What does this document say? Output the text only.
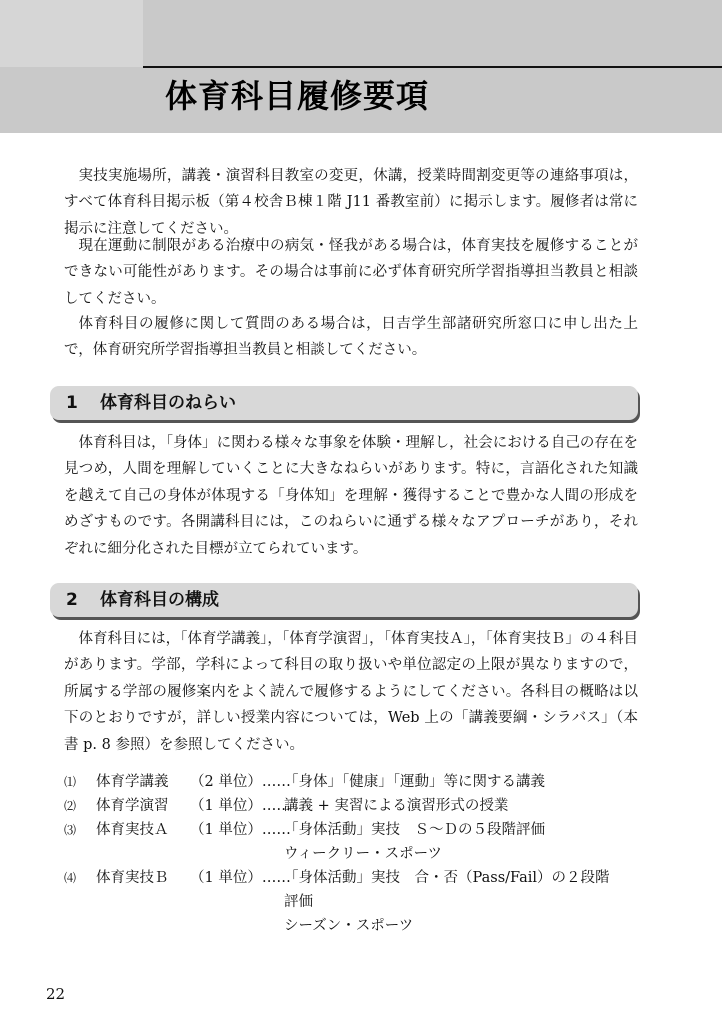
体育科目履修要項

実技実施場所，講義・演習科目教室の変更，休講，授業時間割変更等の連絡事項は，すべて体育科目掲示板（第４校舎Ｂ棟１階 J11 番教室前）に掲示します。履修者は常に掲示に注意してください。

現在運動に制限がある治療中の病気・怪我がある場合は，体育実技を履修することができない可能性があります。その場合は事前に必ず体育研究所学習指導担当教員と相談してください。

体育科目の履修に関して質問のある場合は，日吉学生部諸研究所窓口に申し出た上で，体育研究所学習指導担当教員と相談してください。

1 体育科目のねらい

体育科目は，「身体」に関わる様々な事象を体験・理解し，社会における自己の存在を見つめ，人間を理解していくことに大きなねらいがあります。特に，言語化された知識を越えて自己の身体が体現する「身体知」を理解・獲得することで豊かな人間の形成をめざすものです。各開講科目には，このねらいに通ずる様々なアプローチがあり，それぞれに細分化された目標が立てられています。

2 体育科目の構成

体育科目には，「体育学講義」，「体育学演習」，「体育実技Ａ」，「体育実技Ｂ」の４科目があります。学部，学科によって科目の取り扱いや単位認定の上限が異なりますので，所属する学部の履修案内をよく読んで履修するようにしてください。各科目の概略は以下のとおりですが，詳しい授業内容については，Web 上の「講義要綱・シラバス」（本書 p. 8 参照）を参照してください。

⑴ 体育学講義 （2 単位）……
「身体」「健康」「運動」等に関する講義
⑵ 体育学演習 （1 単位）……
講義 + 実習による演習形式の授業
⑶ 体育実技Ａ （1 単位）……
「身体活動」実技　Ｓ～Ｄの５段階評価
ウィークリー・スポーツ
⑷ 体育実技Ｂ （1 単位）……
「身体活動」実技　合・否（Pass/Fail）の２段階
評価
シーズン・スポーツ
22
